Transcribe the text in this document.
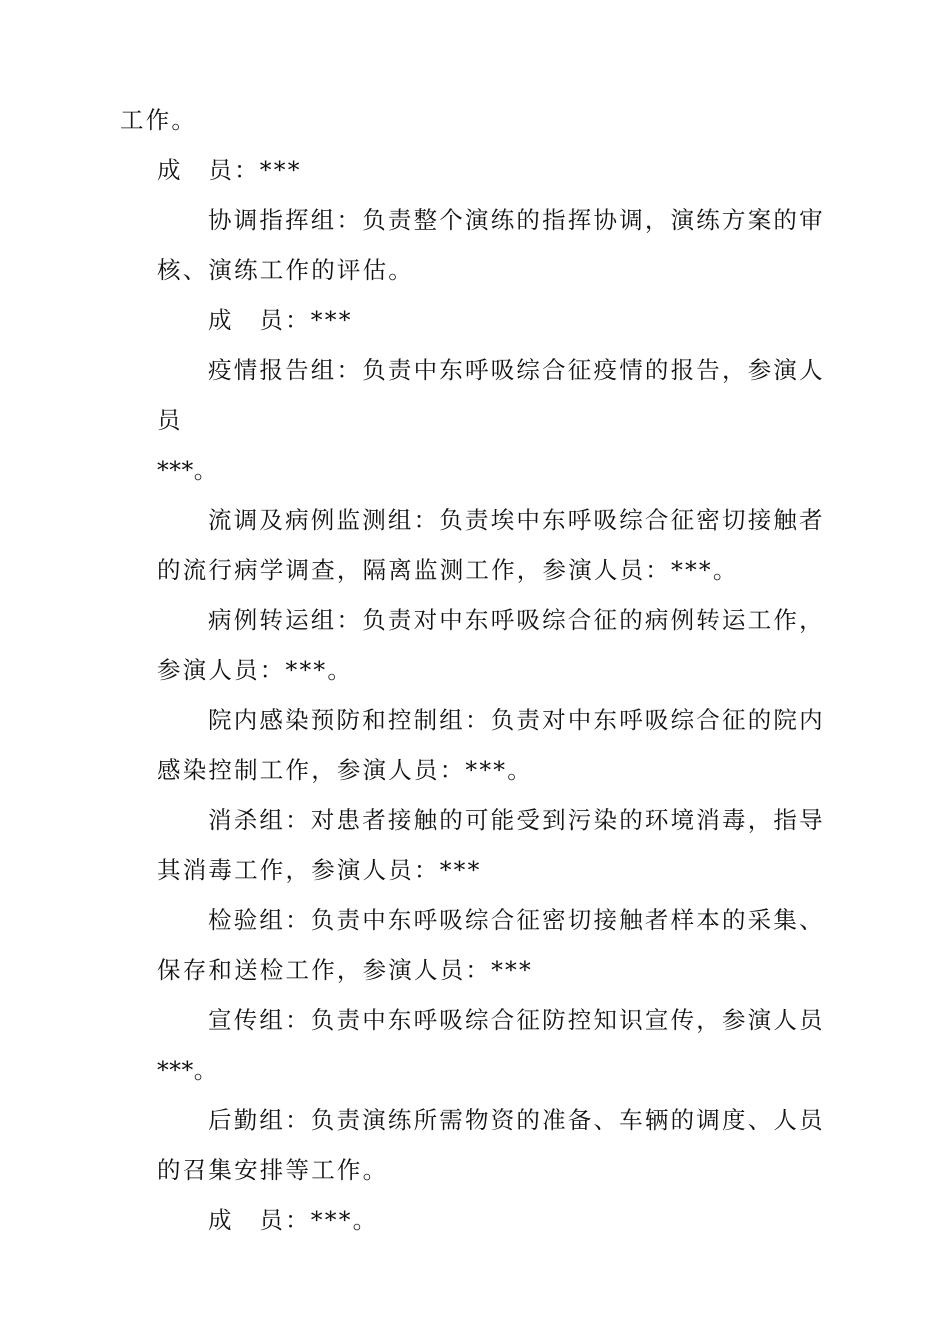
工作。

成　员：***

协调指挥组：负责整个演练的指挥协调，演练方案的审

核、演练工作的评估。

成　员：***

疫情报告组：负责中东呼吸综合征疫情的报告，参演人

员

***。

流调及病例监测组：负责埃中东呼吸综合征密切接触者

的流行病学调查，隔离监测工作，参演人员：***。

病例转运组：负责对中东呼吸综合征的病例转运工作，

参演人员：***。

院内感染预防和控制组：负责对中东呼吸综合征的院内

感染控制工作，参演人员：***。

消杀组：对患者接触的可能受到污染的环境消毒，指导

其消毒工作，参演人员：***

检验组：负责中东呼吸综合征密切接触者样本的采集、

保存和送检工作，参演人员：***

宣传组：负责中东呼吸综合征防控知识宣传，参演人员

***。

后勤组：负责演练所需物资的准备、车辆的调度、人员

的召集安排等工作。

成　员：***。
